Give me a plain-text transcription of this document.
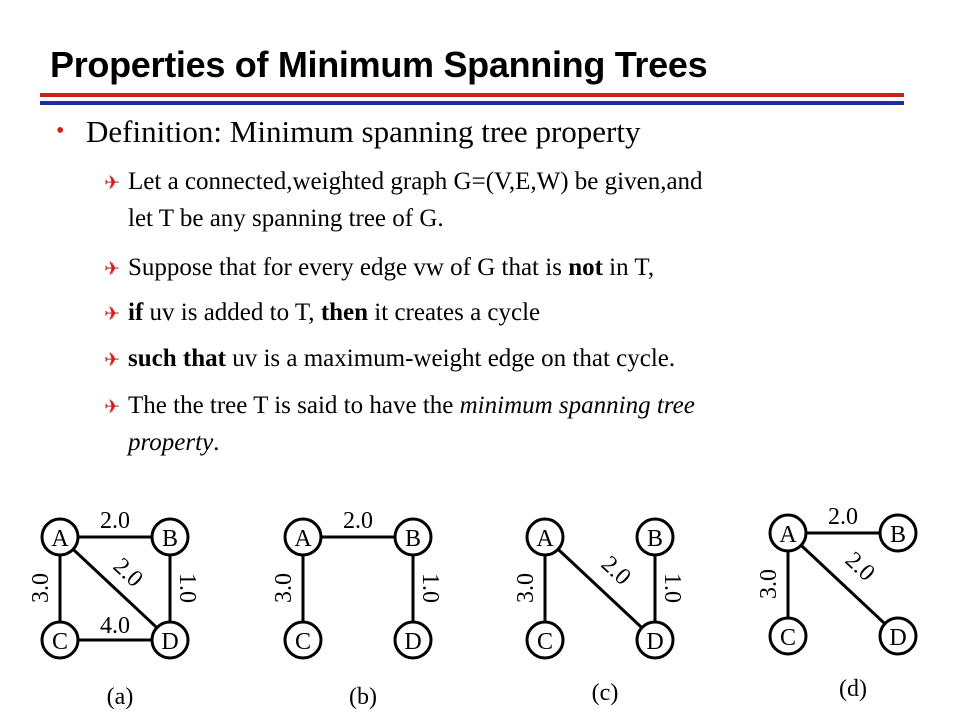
Properties of Minimum Spanning Trees
• Definition: Minimum spanning tree property
✈ Let a connected,weighted graph G=(V,E,W) be given,and
let T be any spanning tree of G.
✈ Suppose that for every edge vw of G that is not in T,
✈ if uv is added to T, then it creates a cycle
✈ such that uv is a maximum-weight edge on that cycle.
✈ The the tree T is said to have the minimum spanning tree
property.
A	B
C	D
2.0
2.0 1.0
3.0
4.0
(a)
A	B
C	D
2.0
1.0
3.0
(b)
A	B
C	D
2.0 1.0
3.0
(c)
A	B
C	D
2.0
2.0
3.0
(d)
